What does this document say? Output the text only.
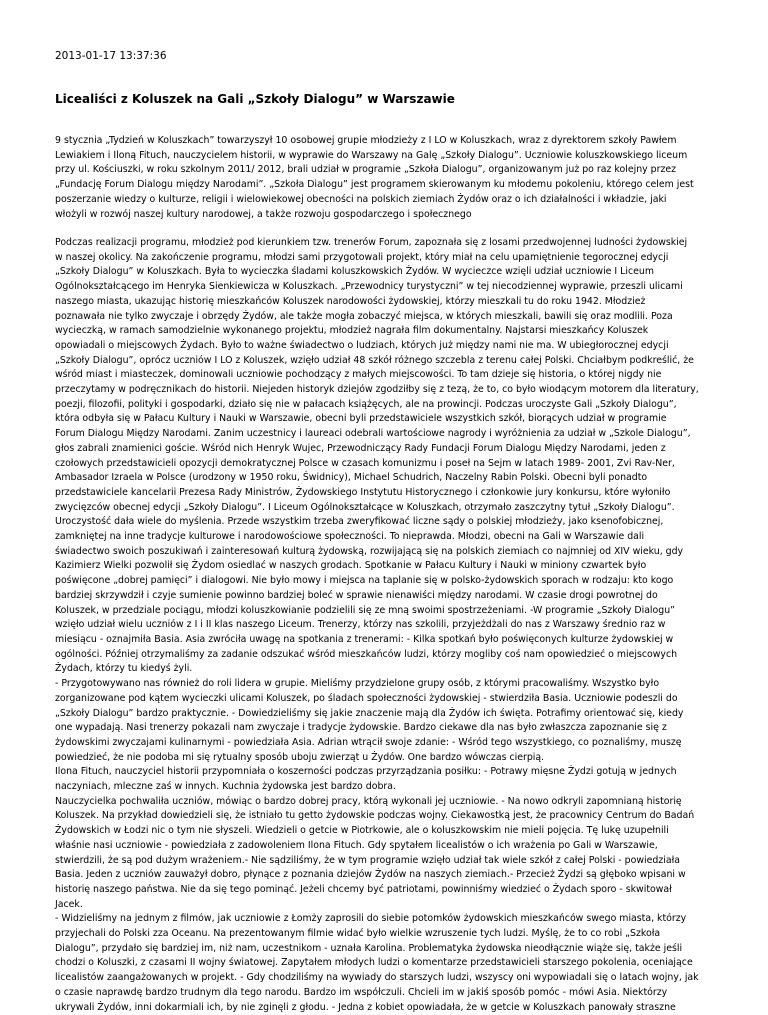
2013-01-17 13:37:36
Licealiści z Koluszek na Gali „Szkoły Dialogu” w Warszawie

9 stycznia „Tydzień w Koluszkach” towarzyszył 10 osobowej grupie młodzieży z I LO w Koluszkach, wraz z dyrektorem szkoły Pawłem
Lewiakiem i Iloną Fituch, nauczycielem historii, w wyprawie do Warszawy na Galę „Szkoły Dialogu”. Uczniowie koluszkowskiego liceum
przy ul. Kościuszki, w roku szkolnym 2011/ 2012, brali udział w programie „Szkoła Dialogu”, organizowanym już po raz kolejny przez
„Fundację Forum Dialogu między Narodami”. „Szkoła Dialogu” jest programem skierowanym ku młodemu pokoleniu, którego celem jest
poszerzanie wiedzy o kulturze, religii i wielowiekowej obecności na polskich ziemiach Żydów oraz o ich działalności i wkładzie, jaki
włożyli w rozwój naszej kultury narodowej, a także rozwoju gospodarczego i społecznego

Podczas realizacji programu, młodzież pod kierunkiem tzw. trenerów Forum, zapoznała się z losami przedwojennej ludności żydowskiej
w naszej okolicy. Na zakończenie programu, młodzi sami przygotowali projekt, który miał na celu upamiętnienie tegorocznej edycji
„Szkoły Dialogu” w Koluszkach. Była to wycieczka śladami koluszkowskich Żydów. W wycieczce wzięli udział uczniowie I Liceum
Ogólnokształcącego im Henryka Sienkiewicza w Koluszkach. „Przewodnicy turystyczni” w tej niecodziennej wyprawie, przeszli ulicami
naszego miasta, ukazując historię mieszkańców Koluszek narodowości żydowskiej, którzy mieszkali tu do roku 1942. Młodzież
poznawała nie tylko zwyczaje i obrzędy Żydów, ale także mogła zobaczyć miejsca, w których mieszkali, bawili się oraz modlili. Poza
wycieczką, w ramach samodzielnie wykonanego projektu, młodzież nagrała film dokumentalny. Najstarsi mieszkańcy Koluszek
opowiadali o miejscowych Żydach. Było to ważne świadectwo o ludziach, których już między nami nie ma. W ubiegłorocznej edycji
„Szkoły Dialogu”, oprócz uczniów I LO z Koluszek, wzięło udział 48 szkół różnego szczebla z terenu całej Polski. Chciałbym podkreślić, że
wśród miast i miasteczek, dominowali uczniowie pochodzący z małych miejscowości. To tam dzieje się historia, o której nigdy nie
przeczytamy w podręcznikach do historii. Niejeden historyk dziejów zgodziłby się z tezą, że to, co było wiodącym motorem dla literatury,
poezji, filozofii, polityki i gospodarki, działo się nie w pałacach książęcych, ale na prowincji. Podczas uroczyste Gali „Szkoły Dialogu”,
która odbyła się w Pałacu Kultury i Nauki w Warszawie, obecni byli przedstawiciele wszystkich szkół, biorących udział w programie
Forum Dialogu Między Narodami. Zanim uczestnicy i laureaci odebrali wartościowe nagrody i wyróżnienia za udział w „Szkole Dialogu”,
głos zabrali znamienici goście. Wśród nich Henryk Wujec, Przewodniczący Rady Fundacji Forum Dialogu Między Narodami, jeden z
czołowych przedstawicieli opozycji demokratycznej Polsce w czasach komunizmu i poseł na Sejm w latach 1989- 2001, Zvi Rav-Ner,
Ambasador Izraela w Polsce (urodzony w 1950 roku, Świdnicy), Michael Schudrich, Naczelny Rabin Polski. Obecni byli ponadto
przedstawiciele kancelarii Prezesa Rady Ministrów, Żydowskiego Instytutu Historycznego i członkowie jury konkursu, które wyłoniło
zwycięzców obecnej edycji „Szkoły Dialogu”. I Liceum Ogólnokształcące w Koluszkach, otrzymało zaszczytny tytuł „Szkoły Dialogu”.
Uroczystość dała wiele do myślenia. Przede wszystkim trzeba zweryfikować liczne sądy o polskiej młodzieży, jako ksenofobicznej,
zamkniętej na inne tradycje kulturowe i narodowościowe społeczności. To nieprawda. Młodzi, obecni na Gali w Warszawie dali
świadectwo swoich poszukiwań i zainteresowań kulturą żydowską, rozwijającą się na polskich ziemiach co najmniej od XIV wieku, gdy
Kazimierz Wielki pozwolił się Żydom osiedlać w naszych grodach. Spotkanie w Pałacu Kultury i Nauki w miniony czwartek było
poświęcone „dobrej pamięci” i dialogowi. Nie było mowy i miejsca na taplanie się w polsko-żydowskich sporach w rodzaju: kto kogo
bardziej skrzywdził i czyje sumienie powinno bardziej boleć w sprawie nienawiści między narodami. W czasie drogi powrotnej do
Koluszek, w przedziale pociągu, młodzi koluszkowianie podzielili się ze mną swoimi spostrzeżeniami. -W programie „Szkoły Dialogu”
wzięło udział wielu uczniów z I i II klas naszego Liceum. Trenerzy, którzy nas szkolili, przyjeżdżali do nas z Warszawy średnio raz w
miesiącu - oznajmiła Basia. Asia zwróciła uwagę na spotkania z trenerami: - Kilka spotkań było poświęconych kulturze żydowskiej w
ogólności. Później otrzymaliśmy za zadanie odszukać wśród mieszkańców ludzi, którzy mogliby coś nam opowiedzieć o miejscowych
Żydach, którzy tu kiedyś żyli.
- Przygotowywano nas również do roli lidera w grupie. Mieliśmy przydzielone grupy osób, z którymi pracowaliśmy. Wszystko było
zorganizowane pod kątem wycieczki ulicami Koluszek, po śladach społeczności żydowskiej - stwierdziła Basia. Uczniowie podeszli do
„Szkoły Dialogu” bardzo praktycznie. - Dowiedzieliśmy się jakie znaczenie mają dla Żydów ich święta. Potrafimy orientować się, kiedy
one wypadają. Nasi trenerzy pokazali nam zwyczaje i tradycje żydowskie. Bardzo ciekawe dla nas było zwłaszcza zapoznanie się z
żydowskimi zwyczajami kulinarnymi - powiedziała Asia. Adrian wtrącił swoje zdanie: - Wśród tego wszystkiego, co poznaliśmy, muszę
powiedzieć, że nie podoba mi się rytualny sposób uboju zwierząt u Żydów. One bardzo wówczas cierpią.
Ilona Fituch, nauczyciel historii przypomniała o koszerności podczas przyrządzania posiłku: - Potrawy mięsne Żydzi gotują w jednych
naczyniach, mleczne zaś w innych. Kuchnia żydowska jest bardzo dobra.
Nauczycielka pochwaliła uczniów, mówiąc o bardzo dobrej pracy, którą wykonali jej uczniowie. - Na nowo odkryli zapomnianą historię
Koluszek. Na przykład dowiedzieli się, że istniało tu getto żydowskie podczas wojny. Ciekawostką jest, że pracownicy Centrum do Badań
Żydowskich w Łodzi nic o tym nie słyszeli. Wiedzieli o getcie w Piotrkowie, ale o koluszkowskim nie mieli pojęcia. Tę lukę uzupełnili
właśnie nasi uczniowie - powiedziała z zadowoleniem Ilona Fituch. Gdy spytałem licealistów o ich wrażenia po Gali w Warszawie,
stwierdzili, że są pod dużym wrażeniem.- Nie sądziliśmy, że w tym programie wzięło udział tak wiele szkół z całej Polski - powiedziała
Basia. Jeden z uczniów zauważył dobro, płynące z poznania dziejów Żydów na naszych ziemiach.- Przecież Żydzi są głęboko wpisani w
historię naszego państwa. Nie da się tego pominąć. Jeżeli chcemy być patriotami, powinniśmy wiedzieć o Żydach sporo - skwitował
Jacek.
- Widzieliśmy na jednym z filmów, jak uczniowie z Łomży zaprosili do siebie potomków żydowskich mieszkańców swego miasta, którzy
przyjechali do Polski zza Oceanu. Na prezentowanym filmie widać było wielkie wzruszenie tych ludzi. Myślę, że to co robi „Szkoła
Dialogu”, przydało się bardziej im, niż nam, uczestnikom - uznała Karolina. Problematyka żydowska nieodłącznie wiąże się, także jeśli
chodzi o Koluszki, z czasami II wojny światowej. Zapytałem młodych ludzi o komentarze przedstawicieli starszego pokolenia, oceniające
licealistów zaangażowanych w projekt. - Gdy chodziliśmy na wywiady do starszych ludzi, wszyscy oni wypowiadali się o latach wojny, jak
o czasie naprawdę bardzo trudnym dla tego narodu. Bardzo im współczuli. Chcieli im w jakiś sposób pomóc - mówi Asia. Niektórzy
ukrywali Żydów, inni dokarmiali ich, by nie zginęli z głodu. - Jedna z kobiet opowiadała, że w getcie w Koluszkach panowały straszne
